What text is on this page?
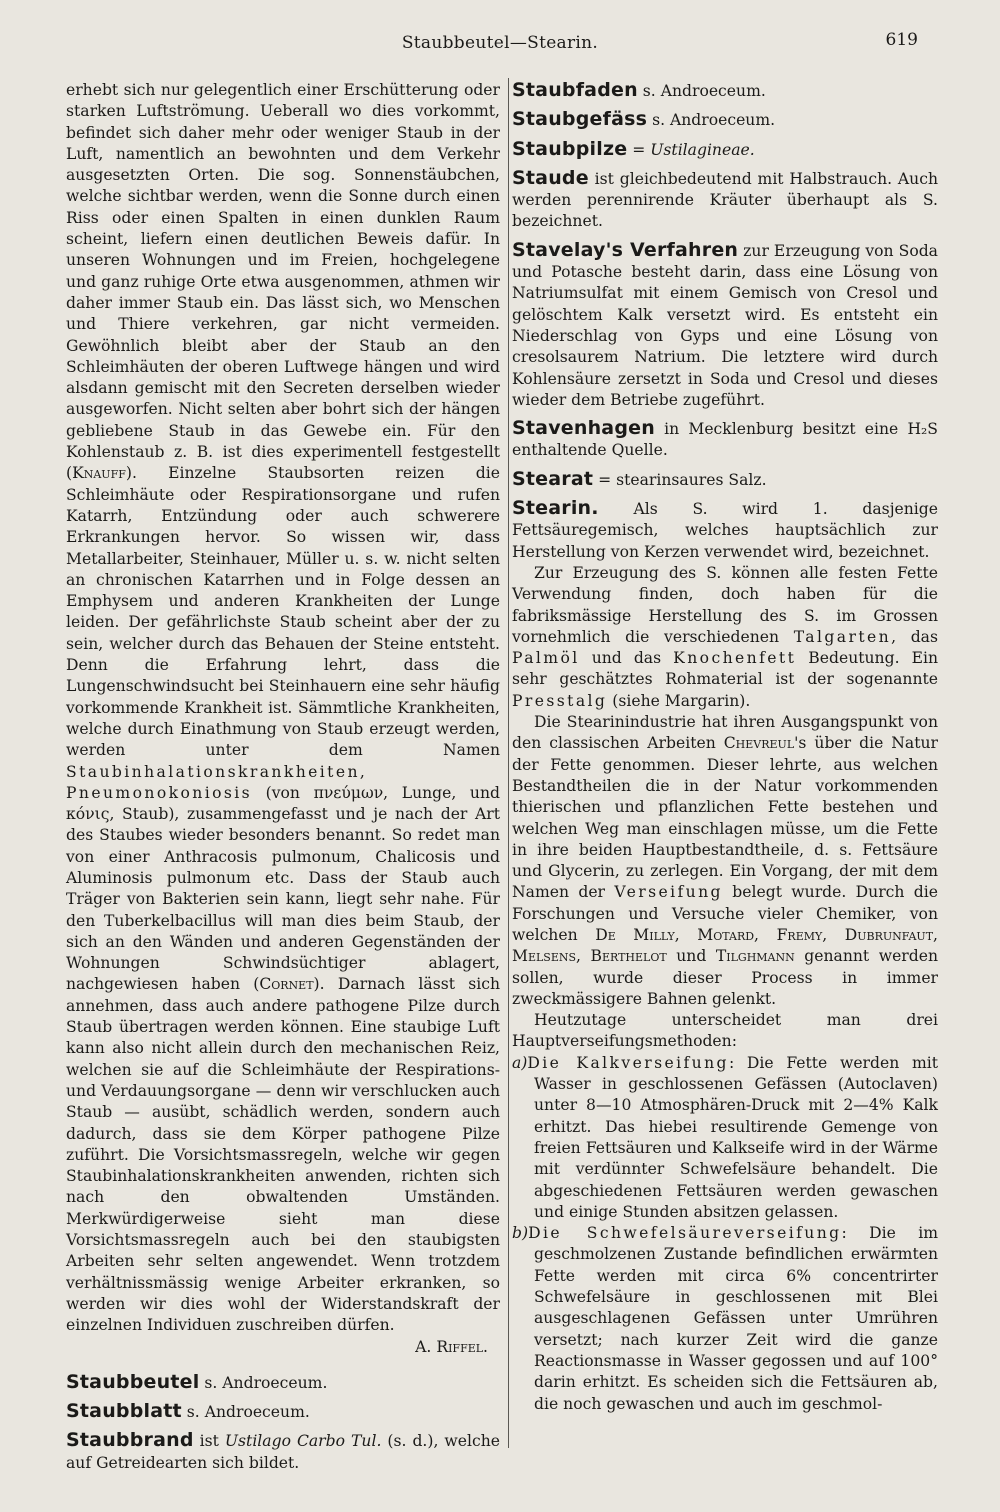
Staubbeutel—Stearin.	619

erhebt sich nur gelegentlich einer Erschütterung oder starken Luftströmung. Ueberall wo dies vorkommt, befindet sich daher mehr oder weniger Staub in der Luft, namentlich an bewohnten und dem Verkehr ausgesetzten Orten. Die sog. Sonnenstäubchen, welche sichtbar werden, wenn die Sonne durch einen Riss oder einen Spalten in einen dunklen Raum scheint, liefern einen deutlichen Beweis dafür. In unseren Wohnungen und im Freien, hochgelegene und ganz ruhige Orte etwa ausgenommen, athmen wir daher immer Staub ein. Das lässt sich, wo Menschen und Thiere verkehren, gar nicht vermeiden. Gewöhnlich bleibt aber der Staub an den Schleimhäuten der oberen Luftwege hängen und wird alsdann gemischt mit den Secreten derselben wieder ausgeworfen. Nicht selten aber bohrt sich der hängen gebliebene Staub in das Gewebe ein. Für den Kohlenstaub z. B. ist dies experimentell festgestellt (Knauff). Einzelne Staubsorten reizen die Schleimhäute oder Respirationsorgane und rufen Katarrh, Entzündung oder auch schwerere Erkrankungen hervor. So wissen wir, dass Metallarbeiter, Steinhauer, Müller u. s. w. nicht selten an chronischen Katarrhen und in Folge dessen an Emphysem und anderen Krankheiten der Lunge leiden. Der gefährlichste Staub scheint aber der zu sein, welcher durch das Behauen der Steine entsteht. Denn die Erfahrung lehrt, dass die Lungenschwindsucht bei Steinhauern eine sehr häufig vorkommende Krankheit ist. Sämmtliche Krankheiten, welche durch Einathmung von Staub erzeugt werden, werden unter dem Namen Staubinhalationskrankheiten, Pneumonokoniosis (von πνεύμων, Lunge, und κόνις, Staub), zusammengefasst und je nach der Art des Staubes wieder besonders benannt. So redet man von einer Anthracosis pulmonum, Chalicosis und Aluminosis pulmonum etc. Dass der Staub auch Träger von Bakterien sein kann, liegt sehr nahe. Für den Tuberkelbacillus will man dies beim Staub, der sich an den Wänden und anderen Gegenständen der Wohnungen Schwindsüchtiger ablagert, nachgewiesen haben (Cornet). Darnach lässt sich annehmen, dass auch andere pathogene Pilze durch Staub übertragen werden können. Eine staubige Luft kann also nicht allein durch den mechanischen Reiz, welchen sie auf die Schleimhäute der Respirations- und Verdauungsorgane — denn wir verschlucken auch Staub — ausübt, schädlich werden, sondern auch dadurch, dass sie dem Körper pathogene Pilze zuführt. Die Vorsichtsmassregeln, welche wir gegen Staubinhalationskrankheiten anwenden, richten sich nach den obwaltenden Umständen. Merkwürdigerweise sieht man diese Vorsichtsmassregeln auch bei den staubigsten Arbeiten sehr selten angewendet. Wenn trotzdem verhältnissmässig wenige Arbeiter erkranken, so werden wir dies wohl der Widerstandskraft der einzelnen Individuen zuschreiben dürfen.

A. Riffel.

Staubbeutel s. Androeceum.

Staubblatt s. Androeceum.

Staubbrand ist Ustilago Carbo Tul. (s. d.), welche auf Getreidearten sich bildet.

Staubfaden s. Androeceum.

Staubgefäss s. Androeceum.

Staubpilze = Ustilagineae.

Staude ist gleichbedeutend mit Halbstrauch. Auch werden perennirende Kräuter überhaupt als S. bezeichnet.

Stavelay's Verfahren zur Erzeugung von Soda und Potasche besteht darin, dass eine Lösung von Natriumsulfat mit einem Gemisch von Cresol und gelöschtem Kalk versetzt wird. Es entsteht ein Niederschlag von Gyps und eine Lösung von cresolsaurem Natrium. Die letztere wird durch Kohlensäure zersetzt in Soda und Cresol und dieses wieder dem Betriebe zugeführt.

Stavenhagen in Mecklenburg besitzt eine H₂S enthaltende Quelle.

Stearat = stearinsaures Salz.

Stearin. Als S. wird 1. dasjenige Fettsäuregemisch, welches hauptsächlich zur Herstellung von Kerzen verwendet wird, bezeichnet.

Zur Erzeugung des S. können alle festen Fette Verwendung finden, doch haben für die fabriksmässige Herstellung des S. im Grossen vornehmlich die verschiedenen Talgarten, das Palmöl und das Knochenfett Bedeutung. Ein sehr geschätztes Rohmaterial ist der sogenannte Presstalg (siehe Margarin).

Die Stearinindustrie hat ihren Ausgangspunkt von den classischen Arbeiten Chevreul's über die Natur der Fette genommen. Dieser lehrte, aus welchen Bestandtheilen die in der Natur vorkommenden thierischen und pflanzlichen Fette bestehen und welchen Weg man einschlagen müsse, um die Fette in ihre beiden Hauptbestandtheile, d. s. Fettsäure und Glycerin, zu zerlegen. Ein Vorgang, der mit dem Namen der Verseifung belegt wurde. Durch die Forschungen und Versuche vieler Chemiker, von welchen De Milly, Motard, Fremy, Dubrunfaut, Melsens, Berthelot und Tilghmann genannt werden sollen, wurde dieser Process in immer zweckmässigere Bahnen gelenkt.

Heutzutage unterscheidet man drei Hauptverseifungsmethoden:

a)Die Kalkverseifung: Die Fette werden mit Wasser in geschlossenen Gefässen (Autoclaven) unter 8—10 Atmosphären-Druck mit 2—4% Kalk erhitzt. Das hiebei resultirende Gemenge von freien Fettsäuren und Kalkseife wird in der Wärme mit verdünnter Schwefelsäure behandelt. Die abgeschiedenen Fettsäuren werden gewaschen und einige Stunden absitzen gelassen.

b)Die Schwefelsäureverseifung: Die im geschmolzenen Zustande befindlichen erwärmten Fette werden mit circa 6% concentrirter Schwefelsäure in geschlossenen mit Blei ausgeschlagenen Gefässen unter Umrühren versetzt; nach kurzer Zeit wird die ganze Reactionsmasse in Wasser gegossen und auf 100° darin erhitzt. Es scheiden sich die Fettsäuren ab, die noch gewaschen und auch im geschmol-
